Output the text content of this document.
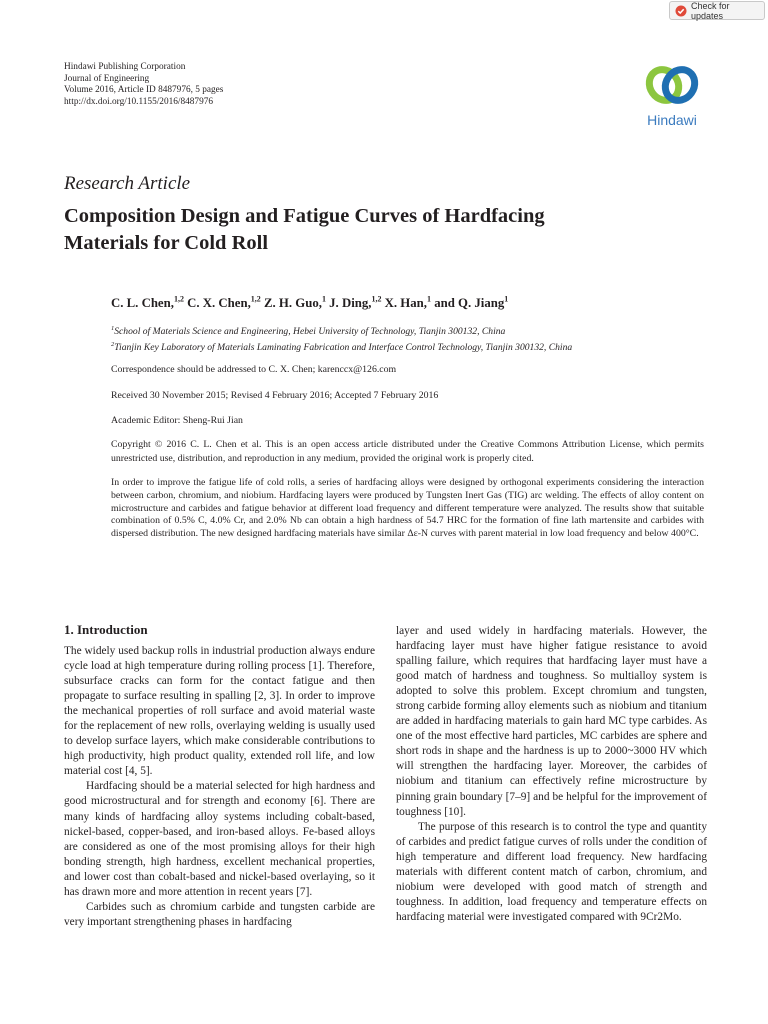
Check for updates
Hindawi Publishing Corporation
Journal of Engineering
Volume 2016, Article ID 8487976, 5 pages
http://dx.doi.org/10.1155/2016/8487976
Hindawi
Research Article
Composition Design and Fatigue Curves of Hardfacing Materials for Cold Roll
C. L. Chen,$^{1,2}$ C. X. Chen,$^{1,2}$ Z. H. Guo,$^1$ J. Ding,$^{1,2}$ X. Han,$^1$ and Q. Jiang$^1$
$^1$School of Materials Science and Engineering, Hebei University of Technology, Tianjin 300132, China
$^2$Tianjin Key Laboratory of Materials Laminating Fabrication and Interface Control Technology, Tianjin 300132, China
Correspondence should be addressed to C. X. Chen; karenccx@126.com
Received 30 November 2015; Revised 4 February 2016; Accepted 7 February 2016
Academic Editor: Sheng-Rui Jian
Copyright © 2016 C. L. Chen et al. This is an open access article distributed under the Creative Commons Attribution License, which permits unrestricted use, distribution, and reproduction in any medium, provided the original work is properly cited.
In order to improve the fatigue life of cold rolls, a series of hardfacing alloys were designed by orthogonal experiments considering the interaction between carbon, chromium, and niobium. Hardfacing layers were produced by Tungsten Inert Gas (TIG) arc welding. The effects of alloy content on microstructure and carbides and fatigue behavior at different load frequency and different temperature were analyzed. The results show that suitable combination of 0.5% C, 4.0% Cr, and 2.0% Nb can obtain a high hardness of 54.7 HRC for the formation of fine lath martensite and carbides with dispersed distribution. The new designed hardfacing materials have similar Δε-N curves with parent material in low load frequency and below 400°C.
1. Introduction

The widely used backup rolls in industrial production always endure cycle load at high temperature during rolling process [1]. Therefore, subsurface cracks can form for the contact fatigue and then propagate to surface resulting in spalling [2, 3]. In order to improve the mechanical properties of roll surface and avoid material waste for the replacement of new rolls, overlaying welding is usually used to develop surface layers, which make considerable contributions to high productivity, high product quality, extended roll life, and low material cost [4, 5].

Hardfacing should be a material selected for high hardness and good microstructural and for strength and economy [6]. There are many kinds of hardfacing alloy systems including cobalt-based, nickel-based, copper-based, and iron-based alloys. Fe-based alloys are considered as one of the most promising alloys for their high bonding strength, high hardness, excellent mechanical properties, and lower cost than cobalt-based and nickel-based overlaying, so it has drawn more and more attention in recent years [7].

Carbides such as chromium carbide and tungsten carbide are very important strengthening phases in hardfacing

layer and used widely in hardfacing materials. However, the hardfacing layer must have higher fatigue resistance to avoid spalling failure, which requires that hardfacing layer must have a good match of hardness and toughness. So multialloy system is adopted to solve this problem. Except chromium and tungsten, strong carbide forming alloy elements such as niobium and titanium are added in hardfacing materials to gain hard MC type carbides. As one of the most effective hard particles, MC carbides are sphere and short rods in shape and the hardness is up to 2000~3000 HV which will strengthen the hardfacing layer. Moreover, the carbides of niobium and titanium can effectively refine microstructure by pinning grain boundary [7–9] and be helpful for the improvement of toughness [10].

The purpose of this research is to control the type and quantity of carbides and predict fatigue curves of rolls under the condition of high temperature and different load frequency. New hardfacing materials with different content match of carbon, chromium, and niobium were developed with good match of strength and toughness. In addition, load frequency and temperature effects on hardfacing material were investigated compared with 9Cr2Mo.
